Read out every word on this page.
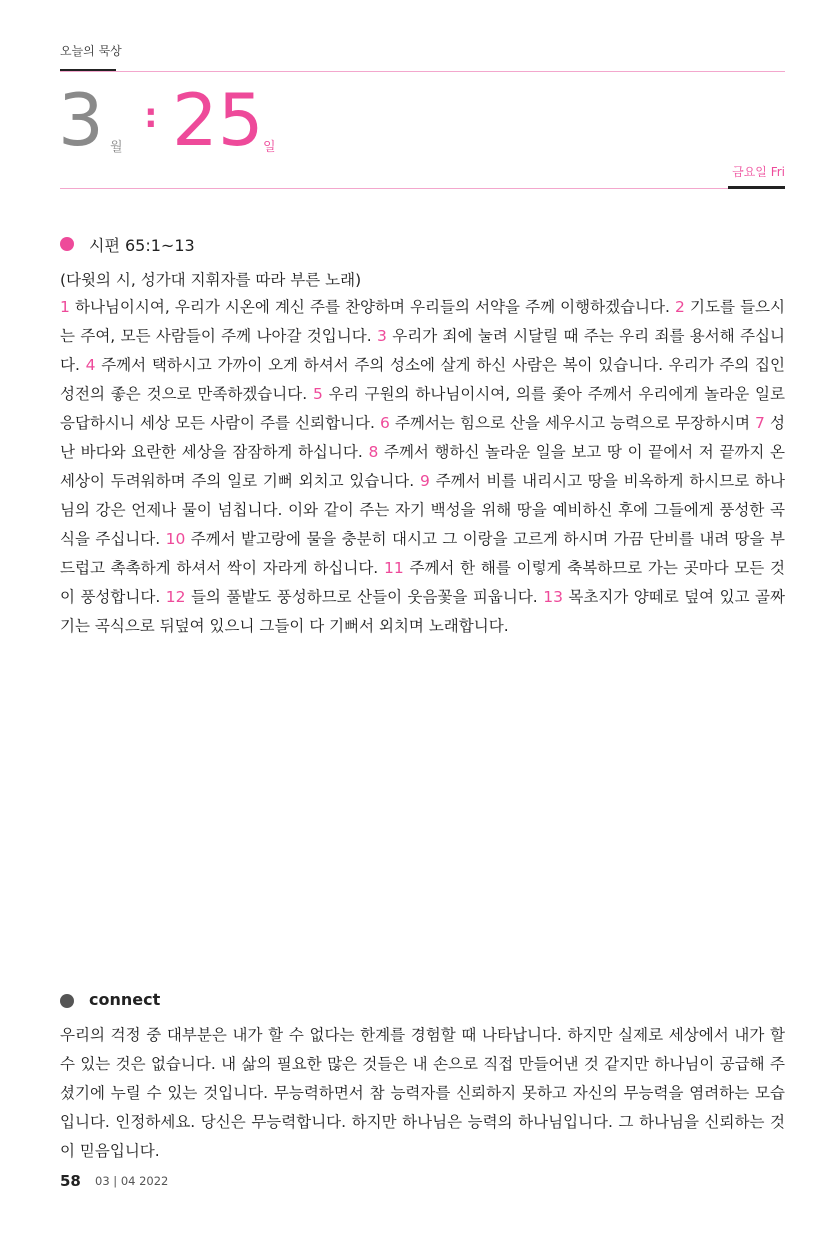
오늘의 묵상
3 월
: 25 일
금요일 Fri
시편 65:1~13
(다윗의 시, 성가대 지휘자를 따라 부른 노래)

1 하나님이시여, 우리가 시온에 계신 주를 찬양하며 우리들의 서약을 주께 이행하겠습니다. 2 기도를 들으시는 주여, 모든 사람들이 주께 나아갈 것입니다. 3 우리가 죄에 눌려 시달릴 때 주는 우리 죄를 용서해 주십니다. 4 주께서 택하시고 가까이 오게 하셔서 주의 성소에 살게 하신 사람은 복이 있습니다. 우리가 주의 집인 성전의 좋은 것으로 만족하겠습니다. 5 우리 구원의 하나님이시여, 의를 좇아 주께서 우리에게 놀라운 일로 응답하시니 세상 모든 사람이 주를 신뢰합니다. 6 주께서는 힘으로 산을 세우시고 능력으로 무장하시며 7 성난 바다와 요란한 세상을 잠잠하게 하십니다. 8 주께서 행하신 놀라운 일을 보고 땅 이 끝에서 저 끝까지 온 세상이 두려워하며 주의 일로 기뻐 외치고 있습니다. 9 주께서 비를 내리시고 땅을 비옥하게 하시므로 하나님의 강은 언제나 물이 넘칩니다. 이와 같이 주는 자기 백성을 위해 땅을 예비하신 후에 그들에게 풍성한 곡식을 주십니다. 10 주께서 밭고랑에 물을 충분히 대시고 그 이랑을 고르게 하시며 가끔 단비를 내려 땅을 부드럽고 촉촉하게 하셔서 싹이 자라게 하십니다. 11 주께서 한 해를 이렇게 축복하므로 가는 곳마다 모든 것이 풍성합니다. 12 들의 풀밭도 풍성하므로 산들이 웃음꽃을 피웁니다. 13 목초지가 양떼로 덮여 있고 골짜기는 곡식으로 뒤덮여 있으니 그들이 다 기뻐서 외치며 노래합니다.

connect

우리의 걱정 중 대부분은 내가 할 수 없다는 한계를 경험할 때 나타납니다. 하지만 실제로 세상에서 내가 할 수 있는 것은 없습니다. 내 삶의 필요한 많은 것들은 내 손으로 직접 만들어낸 것 같지만 하나님이 공급해 주셨기에 누릴 수 있는 것입니다. 무능력하면서 참 능력자를 신뢰하지 못하고 자신의 무능력을 염려하는 모습입니다. 인정하세요. 당신은 무능력합니다. 하지만 하나님은 능력의 하나님입니다. 그 하나님을 신뢰하는 것이 믿음입니다.

58 03 | 04 2022
